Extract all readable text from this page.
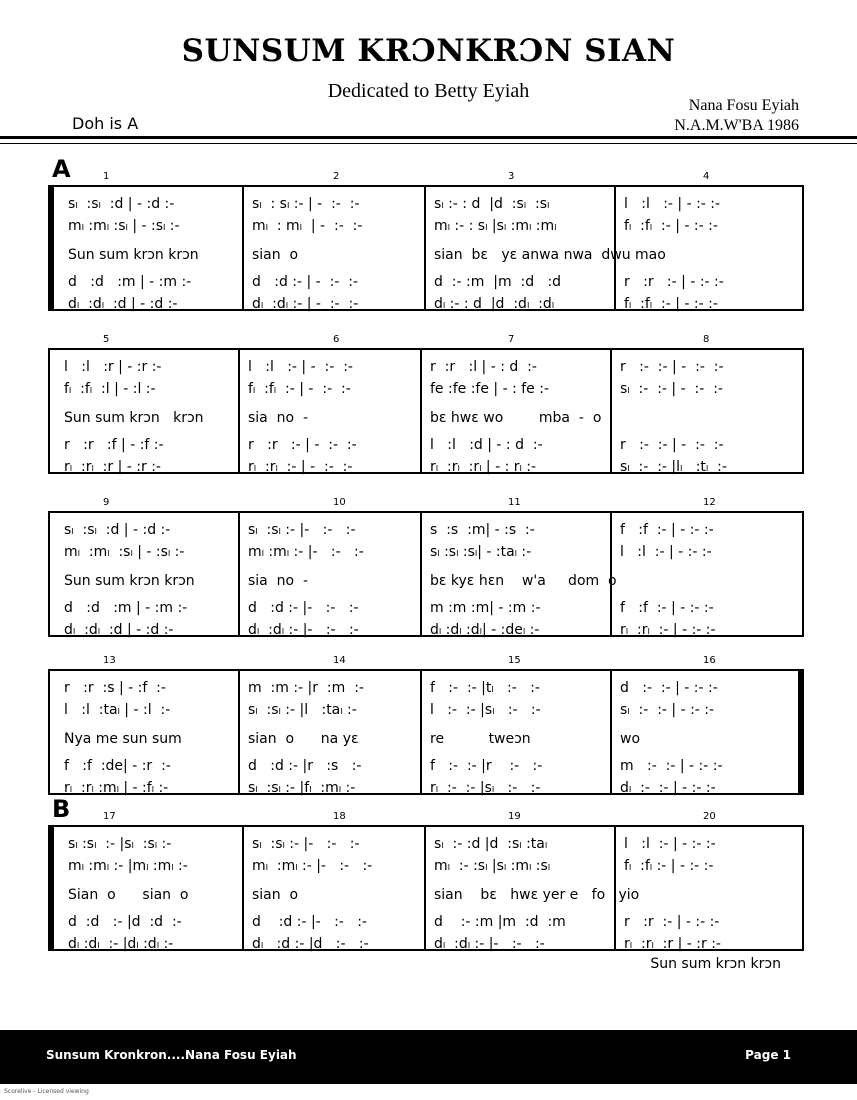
SUNSUM KRƆNKRƆN SIAN
Dedicated to Betty Eyiah
Nana Fosu Eyiah
N.A.M.W'BA 1986
Doh is A
A	1	2	3	4
sₗ  :sₗ  :d | - :d :-	sₗ  : sₗ :- | -  :-  :-	sₗ :- : d  |d  :sₗ  :sₗ	l   :l   :- | - :- :-
mₗ :mₗ :sₗ | - :sₗ :-	mₗ  : mₗ  | -  :-  :-	mₗ :- : sₗ |sₗ :mₗ :mₗ	fₗ  :fₗ  :- | - :- :-
Sun sum krɔn krɔn	sian  o	sian  bɛ   yɛ anwa nwa  dwu mao
d   :d   :m | - :m :-	d   :d :- | -  :-  :-	d  :- :m  |m  :d   :d	r   :r   :- | - :- :-
dₗ  :dₗ  :d | - :d :-	dₗ  :dₗ :- | -  :-  :-	dₗ :- : d  |d  :dₗ  :dₗ	fₗ  :fₗ  :- | - :- :-
5	6	7	8
l   :l   :r | - :r :-	l   :l   :- | -  :-  :-	r  :r   :l | - : d  :-	r   :-  :- | -  :-  :-
fₗ  :fₗ  :l | - :l :-	fₗ  :fₗ  :- | -  :-  :-	fe :fe :fe | - : fe :-	sₗ  :-  :- | -  :-  :-
Sun sum krɔn   krɔn	sia  no  -	bɛ hwɛ wo        mba  -  o
r   :r   :f | - :f :-	r   :r   :- | -  :-  :-	l   :l   :d | - : d  :-	r   :-  :- | -  :-  :-
rₗ  :rₗ  :r | - :r :-	rₗ  :rₗ  :- | -  :-  :-	rₗ  :rₗ  :rₗ | - : rₗ :-	sₗ  :-  :- |lₗ   :tₗ  :-
9	10	11	12
sₗ  :sₗ  :d | - :d :-	sₗ  :sₗ :- |-   :-   :-	s  :s  :m| - :s  :-	f   :f  :- | - :- :-
mₗ  :mₗ  :sₗ | - :sₗ :-	mₗ :mₗ :- |-   :-   :-	sₗ :sₗ :sₗ| - :taₗ :-	l   :l  :- | - :- :-
Sun sum krɔn krɔn	sia  no  -	bɛ kyɛ hɛn    w'a     dom  o
d   :d   :m | - :m :-	d   :d :- |-   :-   :-	m :m :m| - :m :-	f   :f  :- | - :- :-
dₗ  :dₗ  :d | - :d :-	dₗ  :dₗ :- |-   :-   :-	dₗ :dₗ :dₗ| - :deₗ :-	rₗ  :rₗ  :- | - :- :-
13	14	15	16
r   :r  :s | - :f  :-	m  :m :- |r  :m  :-	f   :-  :- |tₗ   :-   :-	d   :-  :- | - :- :-
l   :l  :taₗ | - :l  :-	sₗ  :sₗ :- |l   :taₗ :-	l   :-  :- |sₗ   :-   :-	sₗ  :-  :- | - :- :-
Nya me sun sum	sian  o      na yɛ	re          tweɔn	wo
f   :f  :de| - :r  :-	d   :d :- |r   :s   :-	f   :-  :- |r    :-   :-	m   :-  :- | - :- :-
rₗ  :rₗ :mₗ | - :fₗ :-	sₗ  :sₗ :- |fₗ  :mₗ :-	rₗ  :-  :- |sₗ   :-   :-	dₗ  :-  :- | - :- :-
B	17	18	19	20
sₗ :sₗ  :- |sₗ  :sₗ :-	sₗ  :sₗ :- |-   :-   :-	sₗ  :- :d |d  :sₗ :taₗ	l   :l  :- | - :- :-
mₗ :mₗ :- |mₗ :mₗ :-	mₗ  :mₗ :- |-   :-   :-	mₗ  :- :sₗ |sₗ :mₗ :sₗ	fₗ  :fₗ :- | - :- :-
Sian  o      sian  o	sian  o	sian    bɛ   hwɛ yer e   fo   yio
d  :d   :- |d  :d  :-	d    :d :- |-   :-   :-	d    :- :m |m  :d  :m	r   :r  :- | - :- :-
dₗ :dₗ  :- |dₗ :dₗ :-	dₗ   :d :- |d   :-   :-	dₗ  :dₗ :- |-   :-   :-	rₗ  :rₗ  :r | - :r :-
Sun sum krɔn krɔn
Sunsum Kronkron....Nana Fosu Eyiah	Page 1
Scorelive - Licensed viewing
